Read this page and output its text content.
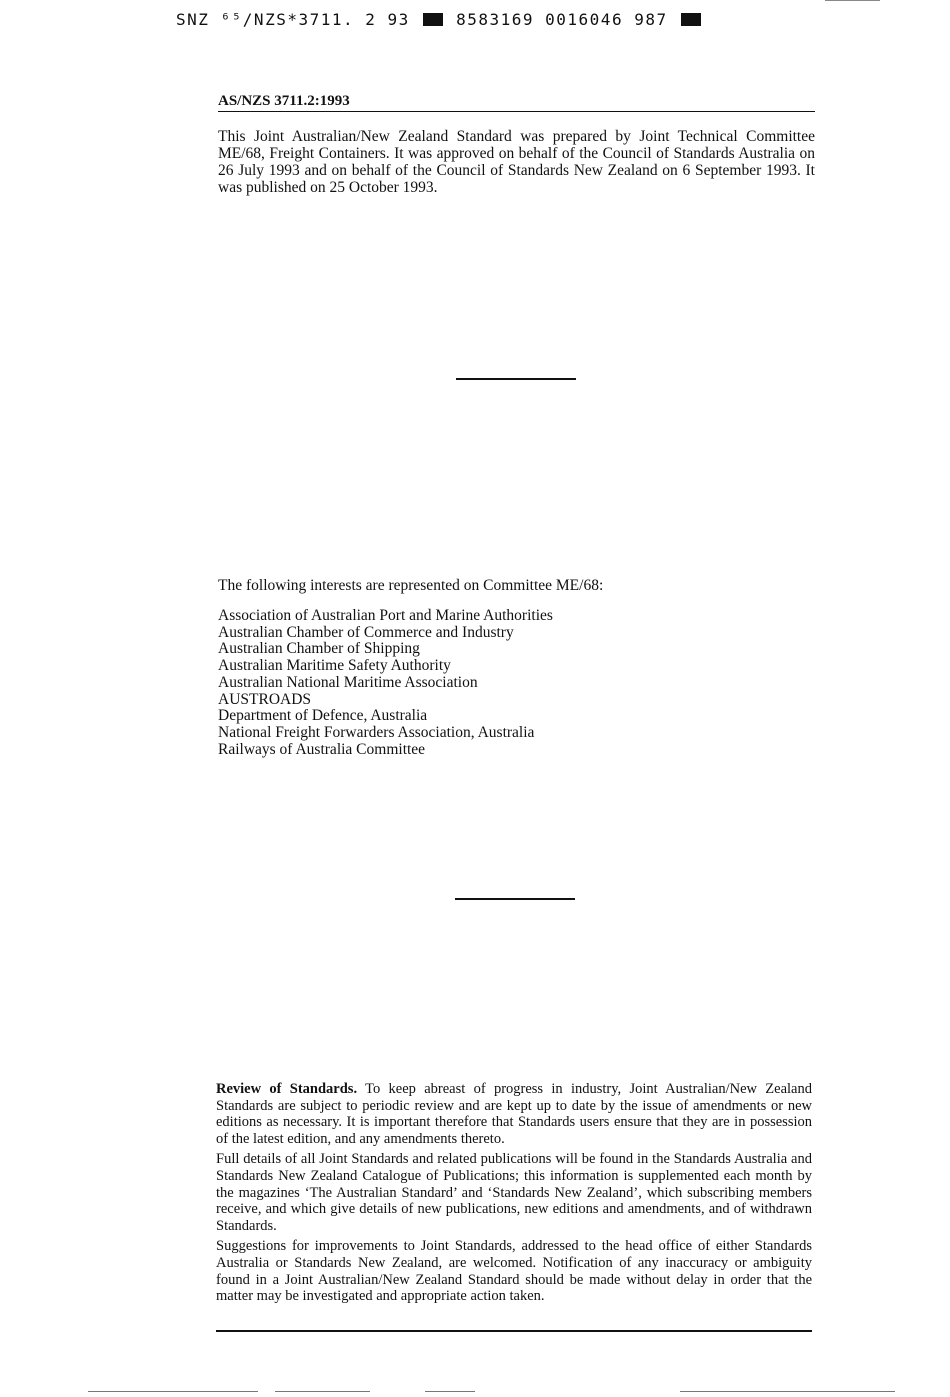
SNZ ⁶⁵/NZS*3711. 2 93	8583169 0016046 987
AS/NZS 3711.2:1993
This Joint Australian/New Zealand Standard was prepared by Joint Technical Committee ME/68, Freight Containers. It was approved on behalf of the Council of Standards Australia on 26 July 1993 and on behalf of the Council of Standards New Zealand on 6 September 1993. It was published on 25 October 1993.
The following interests are represented on Committee ME/68:
Association of Australian Port and Marine Authorities
Australian Chamber of Commerce and Industry
Australian Chamber of Shipping
Australian Maritime Safety Authority
Australian National Maritime Association
AUSTROADS
Department of Defence, Australia
National Freight Forwarders Association, Australia
Railways of Australia Committee

Review of Standards. To keep abreast of progress in industry, Joint Australian/New Zealand Standards are subject to periodic review and are kept up to date by the issue of amendments or new editions as necessary. It is important therefore that Standards users ensure that they are in possession of the latest edition, and any amendments thereto.

Full details of all Joint Standards and related publications will be found in the Standards Australia and Standards New Zealand Catalogue of Publications; this information is supplemented each month by the magazines ‘The Australian Standard’ and ‘Standards New Zealand’, which subscribing members receive, and which give details of new publications, new editions and amendments, and of withdrawn Standards.

Suggestions for improvements to Joint Standards, addressed to the head office of either Standards Australia or Standards New Zealand, are welcomed. Notification of any inaccuracy or ambiguity found in a Joint Australian/New Zealand Standard should be made without delay in order that the matter may be investigated and appropriate action taken.
